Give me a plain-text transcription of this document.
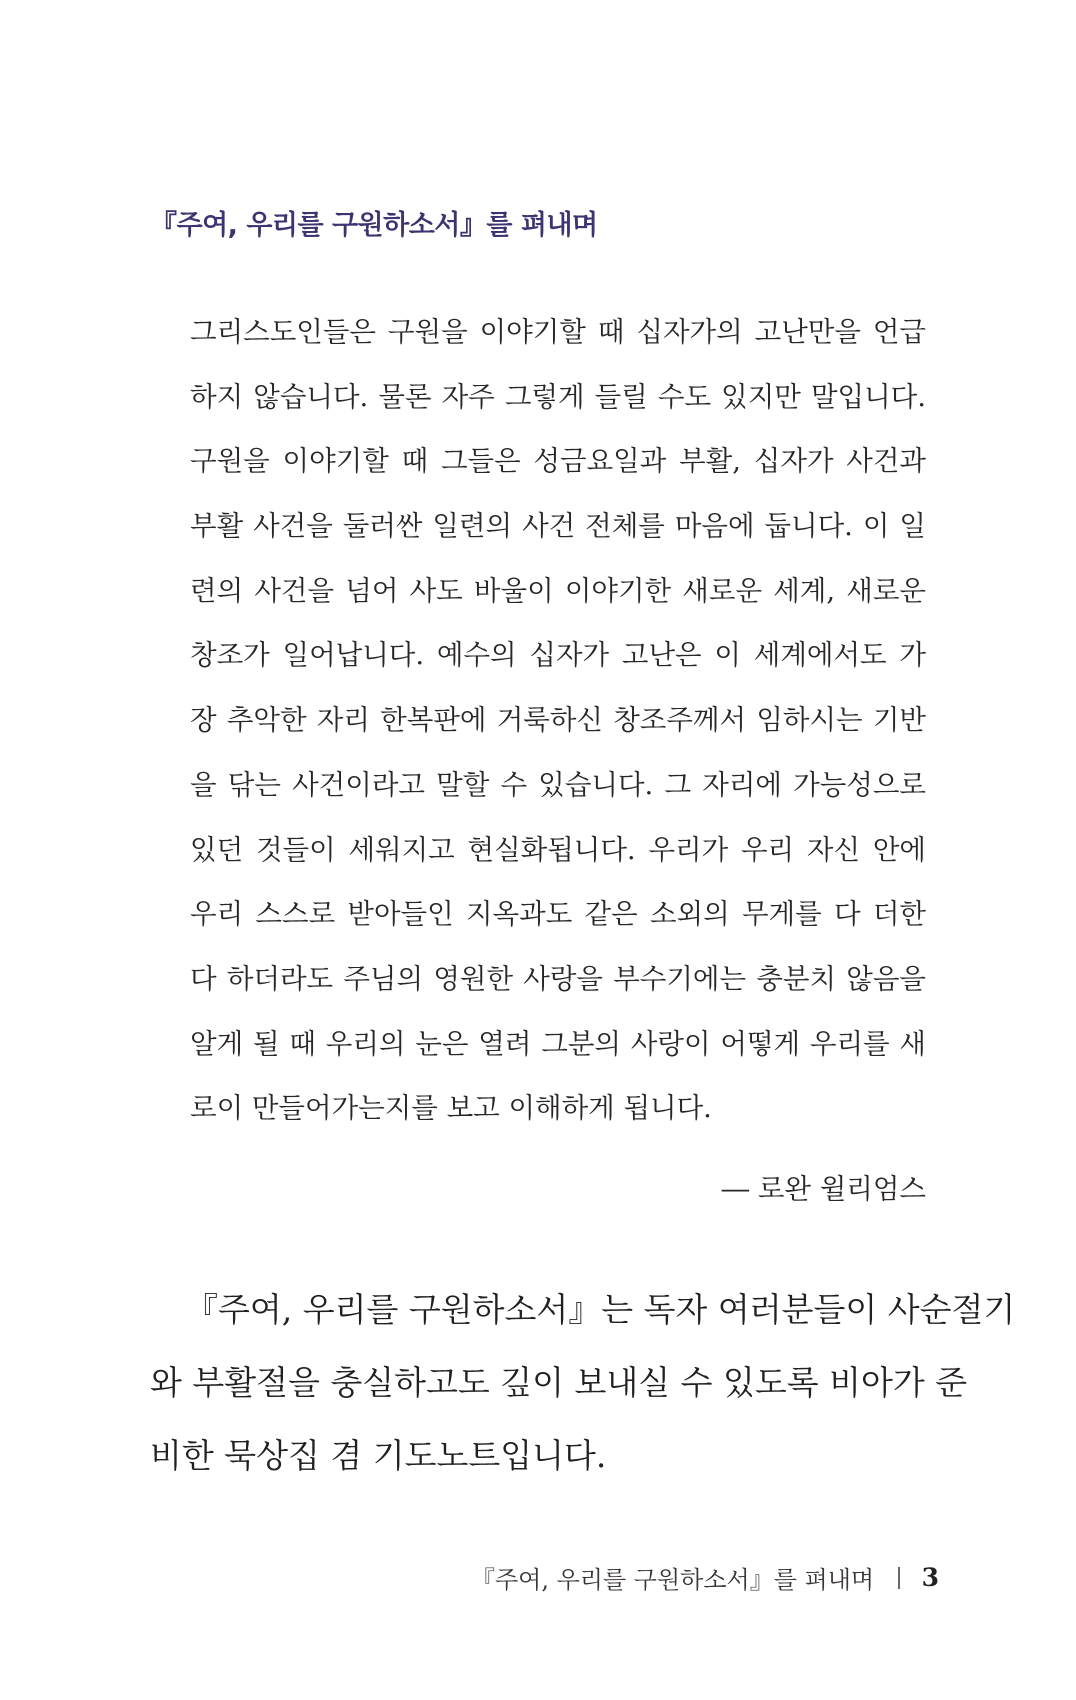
『주여, 우리를 구원하소서』를 펴내며
그리스도인들은 구원을 이야기할 때 십자가의 고난만을 언급
하지 않습니다. 물론 자주 그렇게 들릴 수도 있지만 말입니다.
구원을 이야기할 때 그들은 성금요일과 부활, 십자가 사건과
부활 사건을 둘러싼 일련의 사건 전체를 마음에 둡니다. 이 일
련의 사건을 넘어 사도 바울이 이야기한 새로운 세계, 새로운
창조가 일어납니다. 예수의 십자가 고난은 이 세계에서도 가
장 추악한 자리 한복판에 거룩하신 창조주께서 임하시는 기반
을 닦는 사건이라고 말할 수 있습니다. 그 자리에 가능성으로
있던 것들이 세워지고 현실화됩니다. 우리가 우리 자신 안에
우리 스스로 받아들인 지옥과도 같은 소외의 무게를 다 더한
다 하더라도 주님의 영원한 사랑을 부수기에는 충분치 않음을
알게 될 때 우리의 눈은 열려 그분의 사랑이 어떻게 우리를 새
로이 만들어가는지를 보고 이해하게 됩니다.
― 로완 윌리엄스
『주여, 우리를 구원하소서』는 독자 여러분들이 사순절기
와 부활절을 충실하고도 깊이 보내실 수 있도록 비아가 준
비한 묵상집 겸 기도노트입니다.
『주여, 우리를 구원하소서』를 펴내며 3
